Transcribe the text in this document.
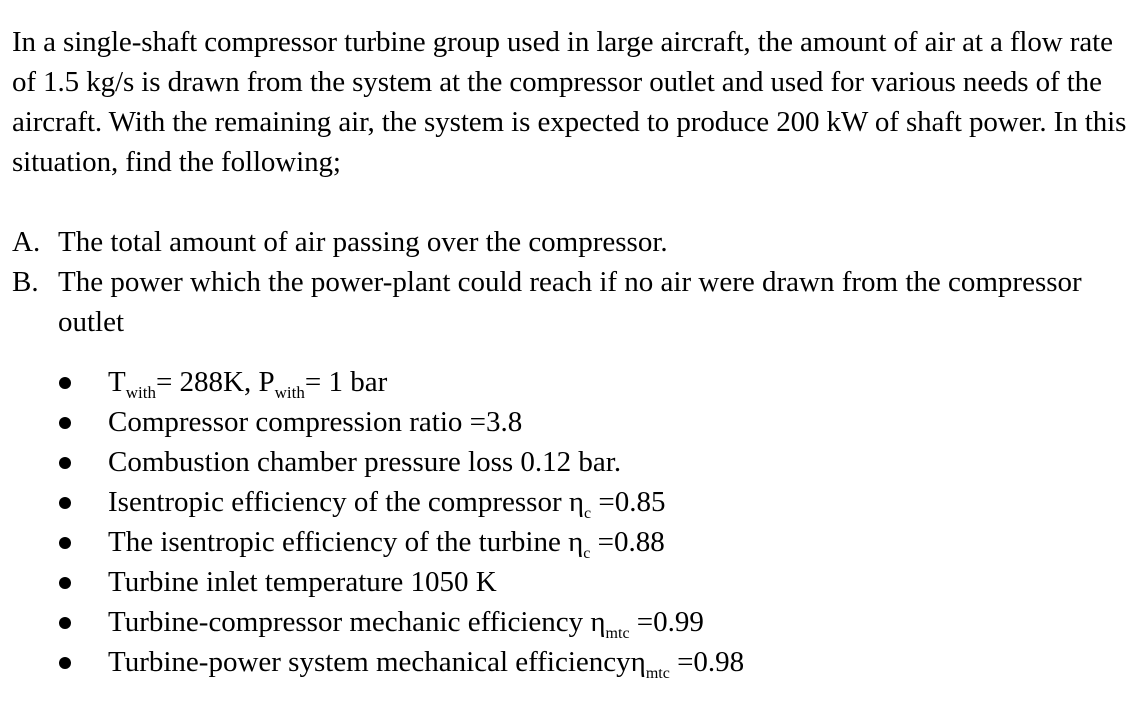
In a single-shaft compressor turbine group used in large aircraft, the amount of air at a flow rate of 1.5 kg/s is drawn from the system at the compressor outlet and used for various needs of the aircraft. With the remaining air, the system is expected to produce 200 kW of shaft power. In this situation, find the following;

A. The total amount of air passing over the compressor.

B. The power which the power-plant could reach if no air were drawn from the compressor outlet

$T_{with}= 288K$, $P_{with}= 1$ bar
Compressor compression ratio =3.8
Combustion chamber pressure loss 0.12 bar.
Isentropic efficiency of the compressor $\eta_c =0.85$
The isentropic efficiency of the turbine $\eta_c =0.88$
Turbine inlet temperature 1050 K
Turbine-compressor mechanic efficiency $\eta_{mtc} =0.99$
Turbine-power system mechanical efficiencyη$_{mtc}$ =0.98
